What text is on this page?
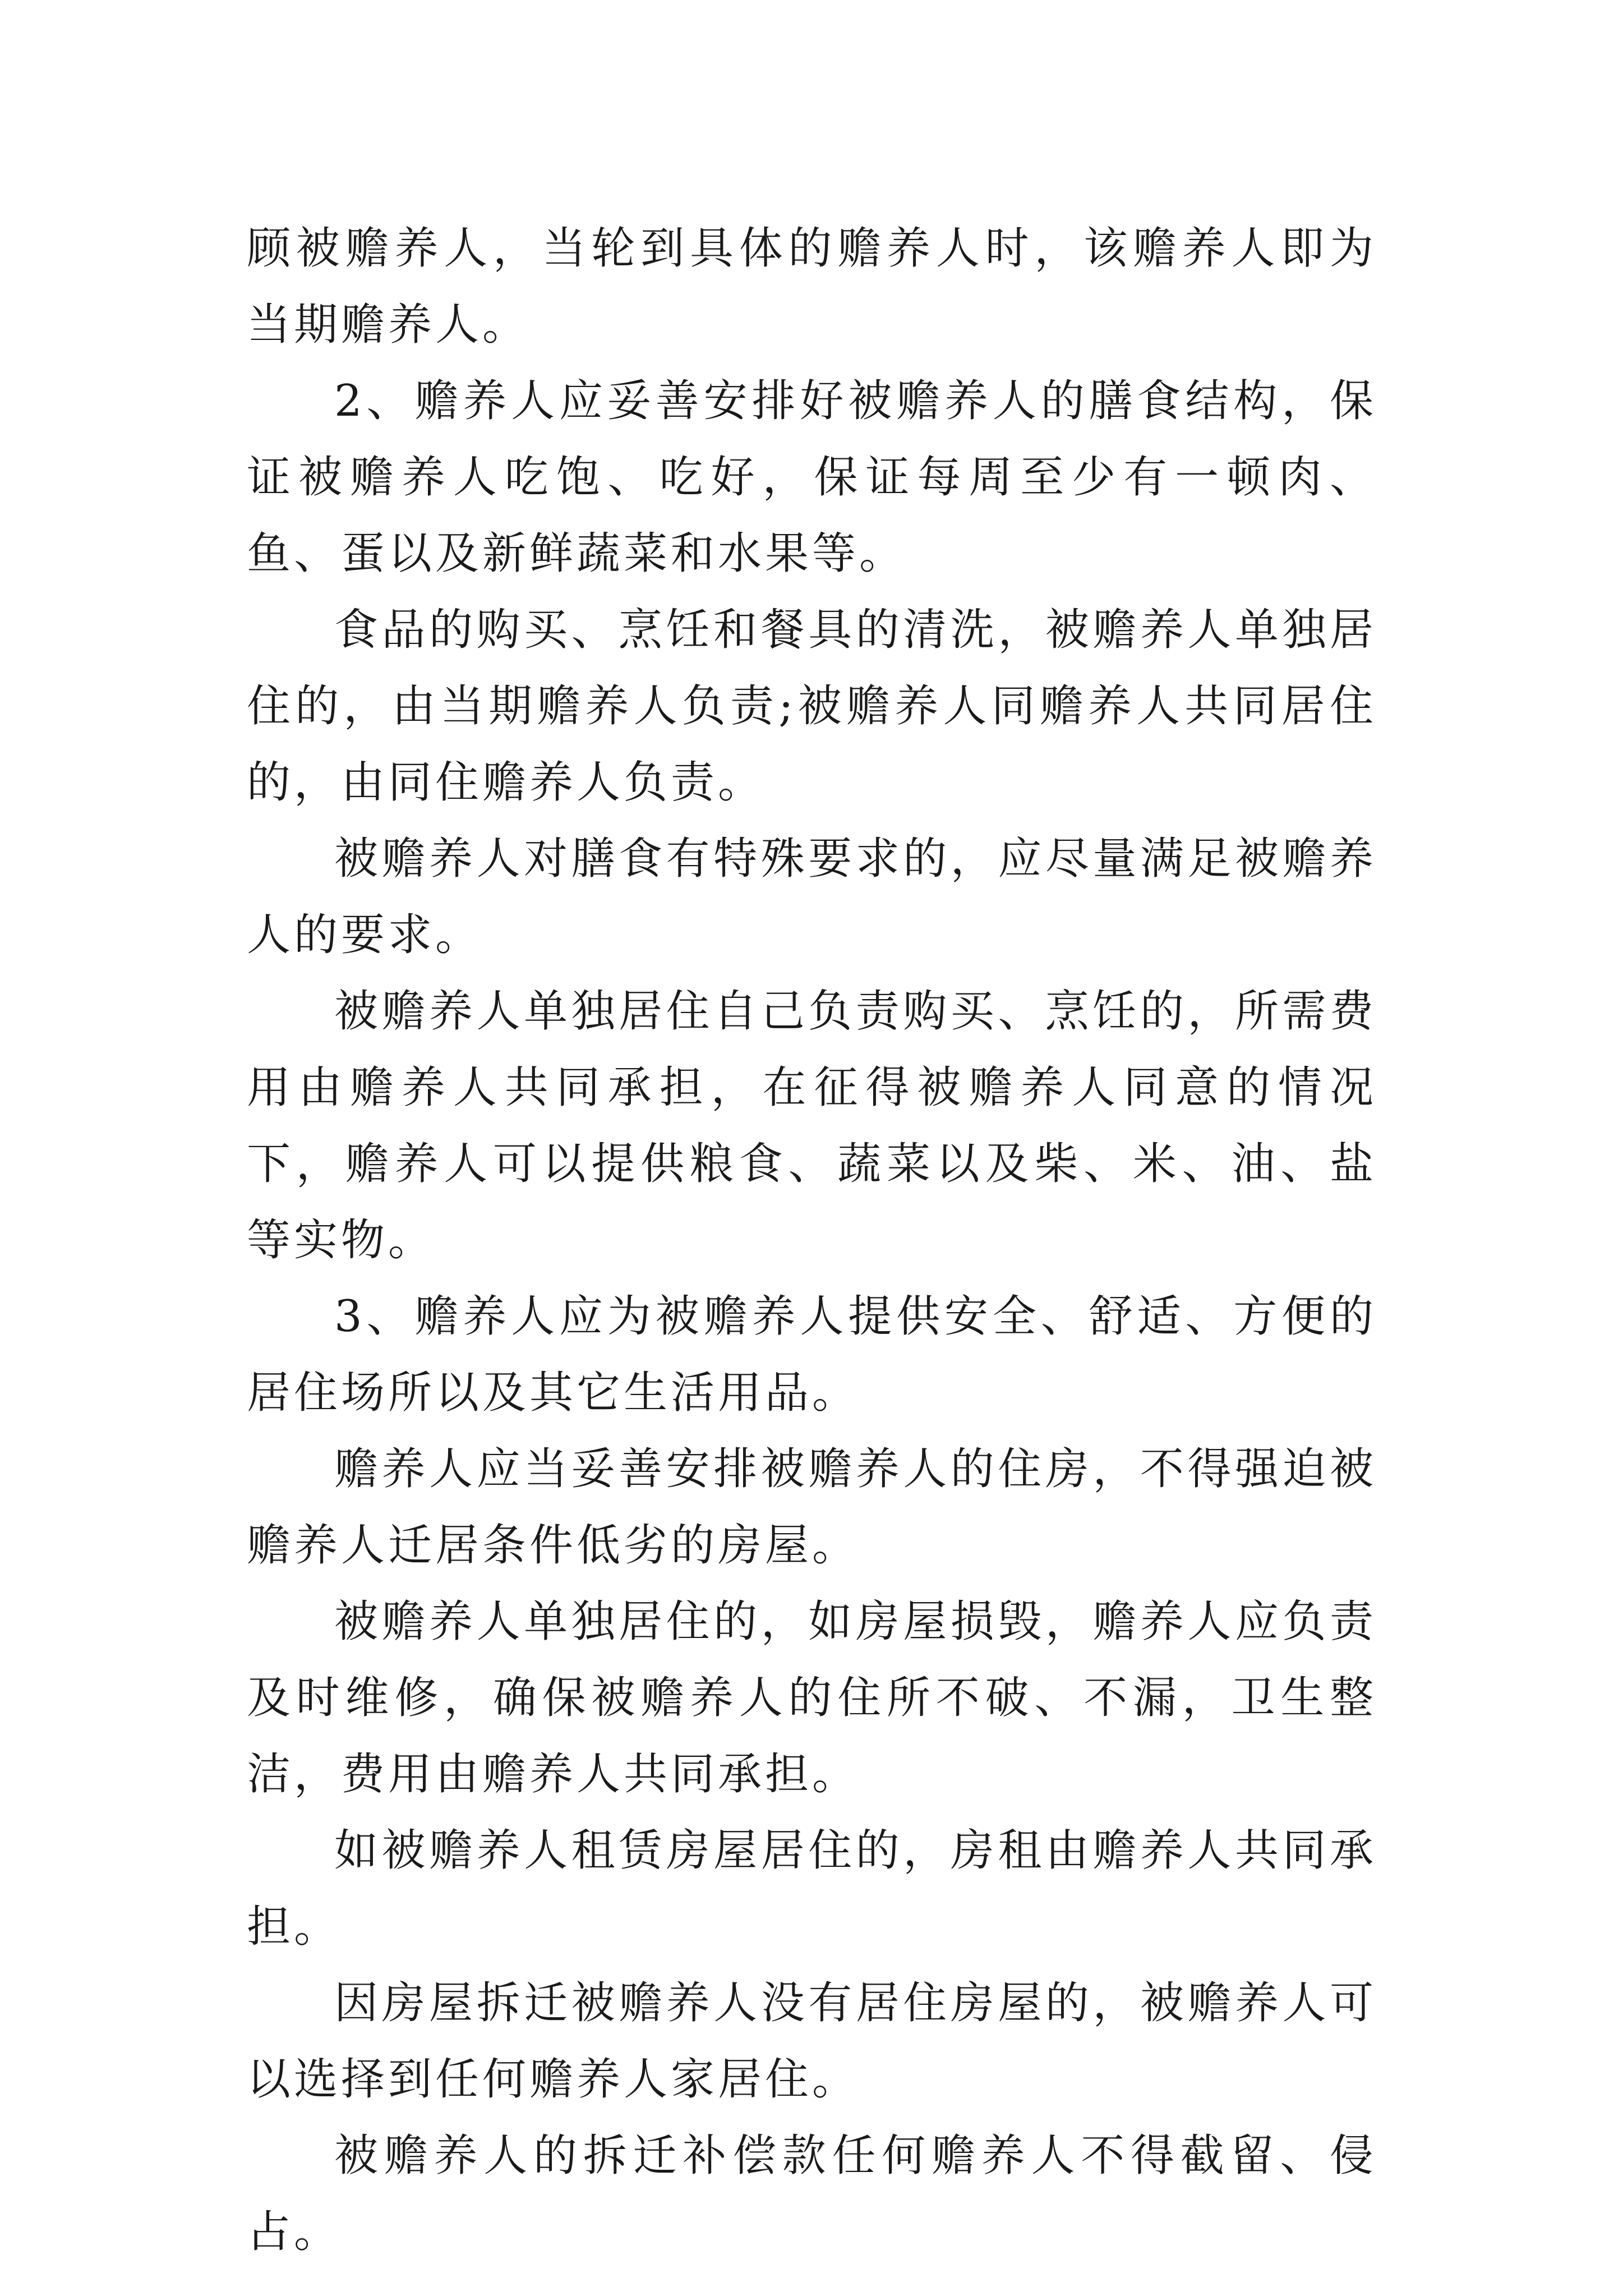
顾被赡养人，当轮到具体的赡养人时，该赡养人即为当期赡养人。

2、赡养人应妥善安排好被赡养人的膳食结构，保证被赡养人吃饱、吃好，保证每周至少有一顿肉、鱼、蛋以及新鲜蔬菜和水果等。

食品的购买、烹饪和餐具的清洗，被赡养人单独居住的，由当期赡养人负责;被赡养人同赡养人共同居住的，由同住赡养人负责。

被赡养人对膳食有特殊要求的，应尽量满足被赡养人的要求。

被赡养人单独居住自己负责购买、烹饪的，所需费用由赡养人共同承担，在征得被赡养人同意的情况下，赡养人可以提供粮食、蔬菜以及柴、米、油、盐等实物。

3、赡养人应为被赡养人提供安全、舒适、方便的居住场所以及其它生活用品。

赡养人应当妥善安排被赡养人的住房，不得强迫被赡养人迁居条件低劣的房屋。

被赡养人单独居住的，如房屋损毁，赡养人应负责及时维修，确保被赡养人的住所不破、不漏，卫生整洁，费用由赡养人共同承担。

如被赡养人租赁房屋居住的，房租由赡养人共同承担。

因房屋拆迁被赡养人没有居住房屋的，被赡养人可以选择到任何赡养人家居住。

被赡养人的拆迁补偿款任何赡养人不得截留、侵占。
